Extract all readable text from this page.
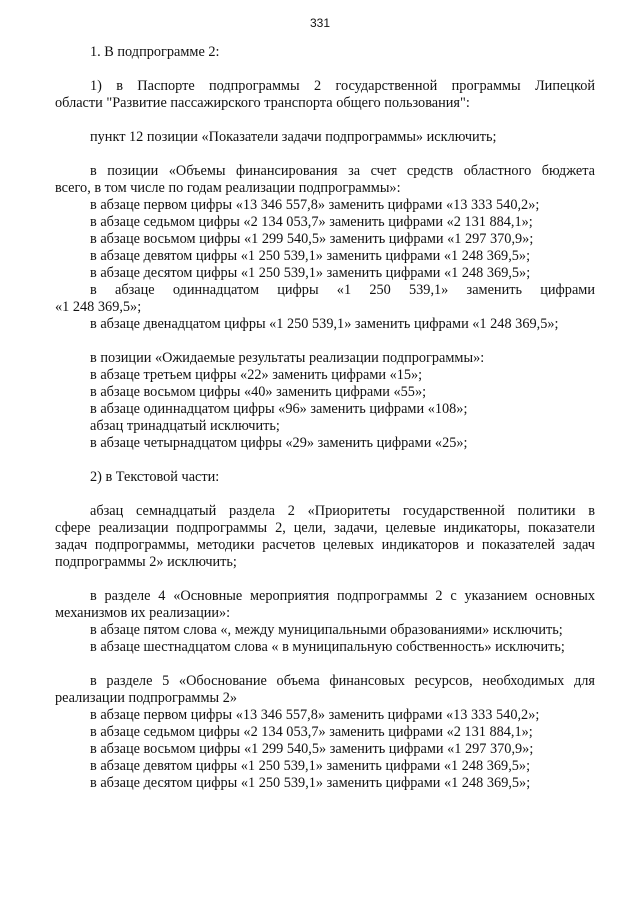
331

1. В подпрограмме 2:

1) в Паспорте подпрограммы 2 государственной программы Липецкой

области "Развитие пассажирского транспорта общего пользования":

пункт 12 позиции «Показатели задачи подпрограммы» исключить;

в позиции «Объемы финансирования за счет средств областного бюджета

всего, в том числе по годам реализации подпрограммы»:

в абзаце первом цифры «13 346 557,8» заменить цифрами «13 333 540,2»;

в абзаце седьмом цифры «2 134 053,7» заменить цифрами «2 131 884,1»;

в абзаце восьмом цифры «1 299 540,5» заменить цифрами «1 297 370,9»;

в абзаце девятом цифры «1 250 539,1» заменить цифрами «1 248 369,5»;

в абзаце десятом цифры «1 250 539,1» заменить цифрами «1 248 369,5»;

в абзаце одиннадцатом цифры «1 250 539,1» заменить цифрами

«1 248 369,5»;

в абзаце двенадцатом цифры «1 250 539,1» заменить цифрами «1 248 369,5»;

в позиции «Ожидаемые результаты реализации подпрограммы»:

в абзаце третьем цифры «22» заменить цифрами «15»;

в абзаце восьмом цифры «40» заменить цифрами «55»;

в абзаце одиннадцатом цифры «96» заменить цифрами «108»;

абзац тринадцатый исключить;

в абзаце четырнадцатом цифры «29» заменить цифрами «25»;

2) в Текстовой части:

абзац семнадцатый раздела 2 «Приоритеты государственной политики в

сфере реализации подпрограммы 2, цели, задачи, целевые индикаторы, показатели

задач подпрограммы, методики расчетов целевых индикаторов и показателей задач

подпрограммы 2» исключить;

в разделе 4 «Основные мероприятия подпрограммы 2 с указанием основных

механизмов их реализации»:

в абзаце пятом слова «, между муниципальными образованиями» исключить;

в абзаце шестнадцатом слова « в муниципальную собственность» исключить;

в разделе 5 «Обоснование объема финансовых ресурсов, необходимых для

реализации подпрограммы 2»

в абзаце первом цифры «13 346 557,8» заменить цифрами «13 333 540,2»;

в абзаце седьмом цифры «2 134 053,7» заменить цифрами «2 131 884,1»;

в абзаце восьмом цифры «1 299 540,5» заменить цифрами «1 297 370,9»;

в абзаце девятом цифры «1 250 539,1» заменить цифрами «1 248 369,5»;

в абзаце десятом цифры «1 250 539,1» заменить цифрами «1 248 369,5»;
